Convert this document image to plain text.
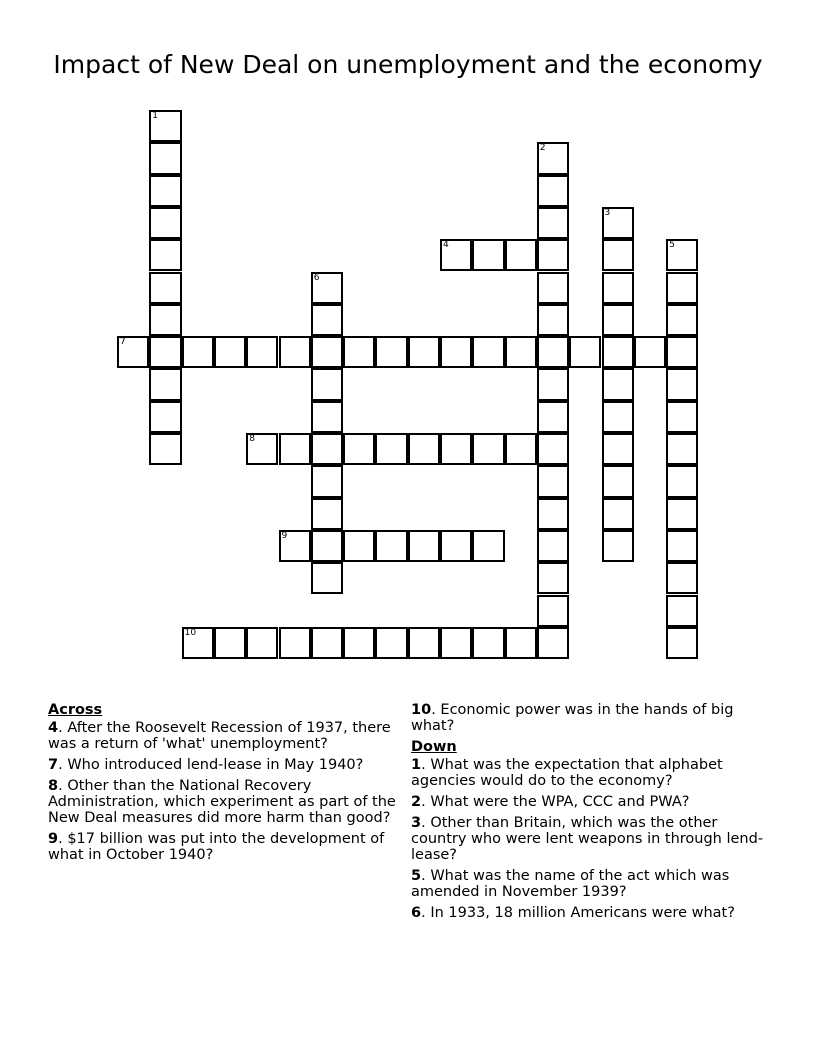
Impact of New Deal on unemployment and the economy
1
2
3
4	5
6
7
8
9
10
Across
4. After the Roosevelt Recession of 1937, there was a return of 'what' unemployment?
7. Who introduced lend-lease in May 1940?
8. Other than the National Recovery Administration, which experiment as part of the New Deal measures did more harm than good?
9. $17 billion was put into the development of what in October 1940?
10. Economic power was in the hands of big what?
Down
1. What was the expectation that alphabet agencies would do to the economy?
2. What were the WPA, CCC and PWA?
3. Other than Britain, which was the other country who were lent weapons in through lend-lease?
5. What was the name of the act which was amended in November 1939?
6. In 1933, 18 million Americans were what?
